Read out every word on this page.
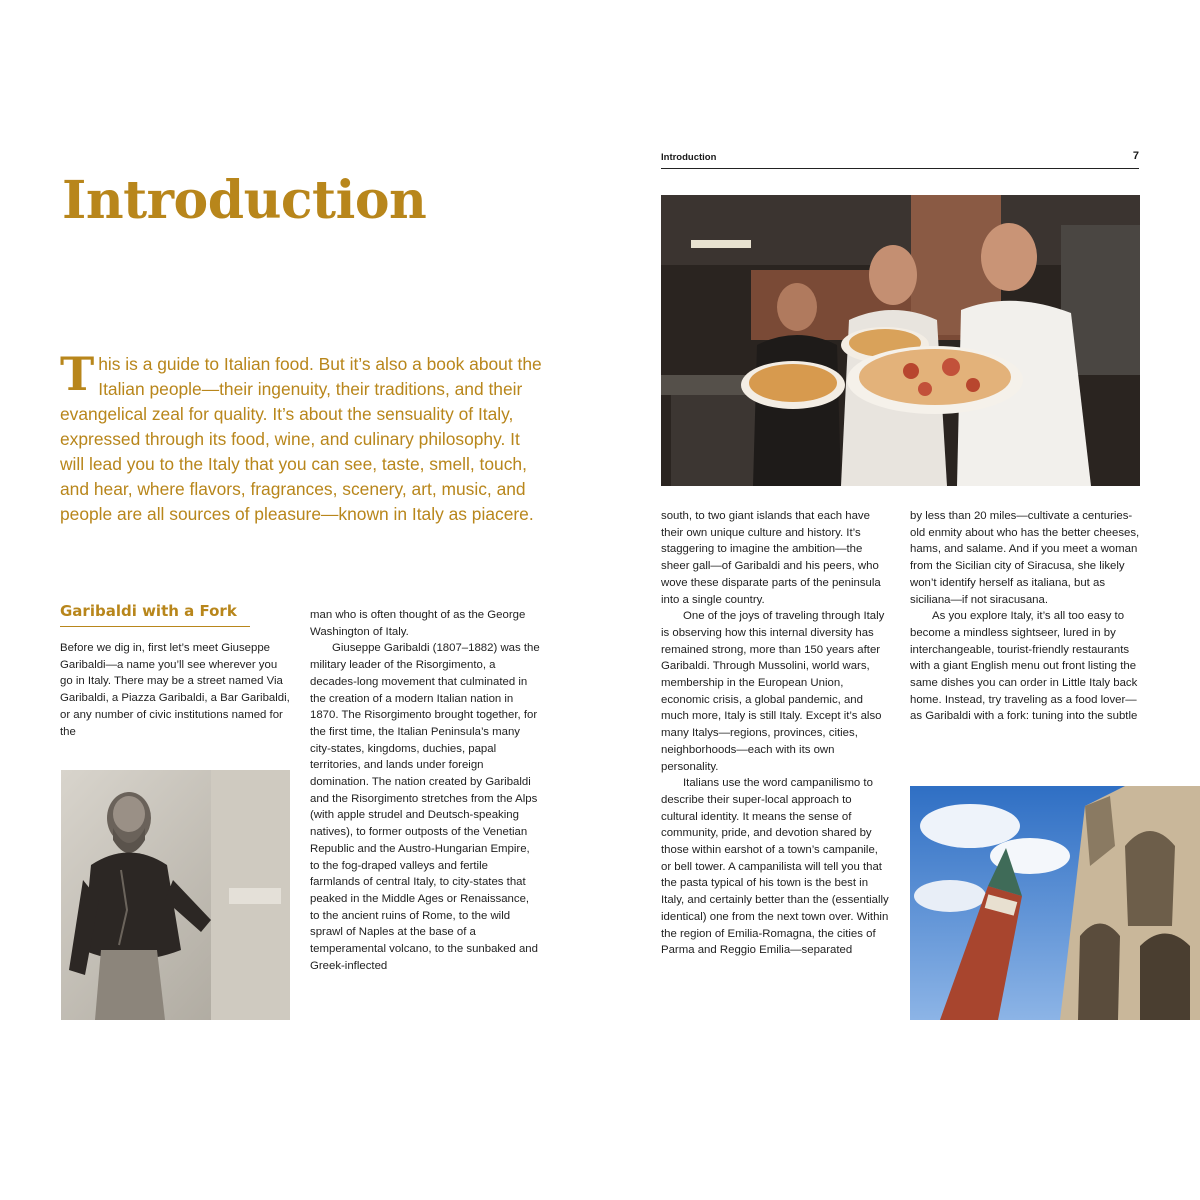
Introduction

This is a guide to Italian food. But it’s also a book about the Italian people—their ingenuity, their traditions, and their evangelical zeal for quality. It’s about the sensuality of Italy, expressed through its food, wine, and culinary philosophy. It will lead you to the Italy that you can see, taste, smell, touch, and hear, where flavors, fragrances, scenery, art, music, and people are all sources of pleasure—known in Italy as piacere.

Garibaldi with a Fork

Before we dig in, first let’s meet Giuseppe Garibaldi—a name you’ll see wherever you go in Italy. There may be a street named Via Garibaldi, a Piazza Garibaldi, a Bar Garibaldi, or any number of civic institutions named for the

man who is often thought of as the George Washington of Italy.

Giuseppe Garibaldi (1807–1882) was the military leader of the Risorgimento, a decades-long movement that culminated in the creation of a modern Italian nation in 1870. The Risorgimento brought together, for the first time, the Italian Peninsula’s many city-states, kingdoms, duchies, papal territories, and lands under foreign domination. The nation created by Garibaldi and the Risorgimento stretches from the Alps (with apple strudel and Deutsch-speaking natives), to former outposts of the Venetian Republic and the Austro-Hungarian Empire, to the fog-draped valleys and fertile farmlands of central Italy, to city-states that peaked in the Middle Ages or Renaissance, to the ancient ruins of Rome, to the wild sprawl of Naples at the base of a temperamental volcano, to the sunbaked and Greek-inflected

Introduction	7

south, to two giant islands that each have their own unique culture and history. It’s staggering to imagine the ambition—the sheer gall—of Garibaldi and his peers, who wove these disparate parts of the peninsula into a single country.

One of the joys of traveling through Italy is observing how this internal diversity has remained strong, more than 150 years after Garibaldi. Through Mussolini, world wars, membership in the European Union, economic crisis, a global pandemic, and much more, Italy is still Italy. Except it’s also many Italys—regions, provinces, cities, neighborhoods—each with its own personality.

Italians use the word campanilismo to describe their super-local approach to cultural identity. It means the sense of community, pride, and devotion shared by those within earshot of a town’s campanile, or bell tower. A campanilista will tell you that the pasta typical of his town is the best in Italy, and certainly better than the (essentially identical) one from the next town over. Within the region of Emilia-Romagna, the cities of Parma and Reggio Emilia—separated

by less than 20 miles—cultivate a centuries-old enmity about who has the better cheeses, hams, and salame. And if you meet a woman from the Sicilian city of Siracusa, she likely won’t identify herself as italiana, but as siciliana—if not siracusana.

As you explore Italy, it’s all too easy to become a mindless sightseer, lured in by interchangeable, tourist-friendly restaurants with a giant English menu out front listing the same dishes you can order in Little Italy back home. Instead, try traveling as a food lover—as Garibaldi with a fork: tuning into the subtle
